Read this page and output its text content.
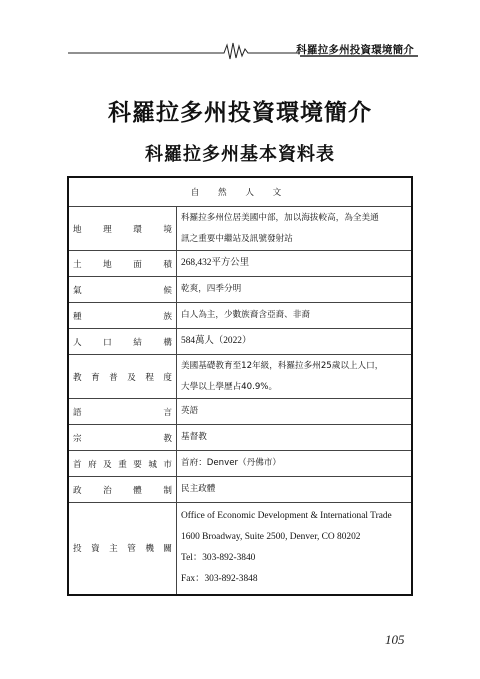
科羅拉多州投資環境簡介
科羅拉多州投資環境簡介
科羅拉多州基本資料表
自 然 人 文	
地理環境	科羅拉多州位居美國中部，加以海拔較高，為全美通
訊之重要中繼站及訊號發射站

土地面積	268,432平方公里

氣候	乾爽，四季分明

種族	白人為主，少數族裔含亞裔、非裔

人口結構	584萬人（2022）

教育普及程度	美國基礎教育至12年級，科羅拉多州25歲以上人口，
大學以上學歷占40.9%。

語言	英語

宗教	基督教

首府及重要城市	首府：Denver（丹佛市）

政治體制	民主政體

投資主管機關	Office of Economic Development & International Trade
1600 Broadway, Suite 2500, Denver, CO 80202
Tel：303-892-3840
Fax：303-892-3848
105
